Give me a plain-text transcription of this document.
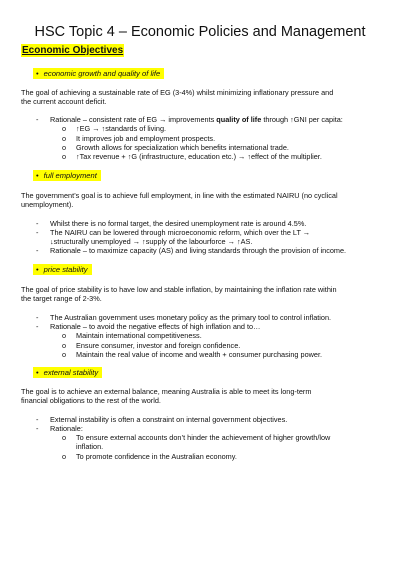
HSC Topic 4 – Economic Policies and Management
Economic Objectives
• economic growth and quality of life
The goal of achieving a sustainable rate of EG (3-4%) whilst minimizing inflationary pressure and
the current account deficit.
- Rationale – consistent rate of EG → improvements quality of life through ↑GNI per capita:
o ↑EG → ↑standards of living.
o It improves job and employment prospects.
o Growth allows for specialization which benefits international trade.
o ↑Tax revenue + ↑G (infrastructure, education etc.) → ↑effect of the multiplier.
• full employment
The government’s goal is to achieve full employment, in line with the estimated NAIRU (no cyclical
unemployment).
- Whilst there is no formal target, the desired unemployment rate is around 4.5%.
- The NAIRU can be lowered through microeconomic reform, which over the LT →
↓structurally unemployed → ↑supply of the labourforce → ↑AS.
- Rationale – to maximize capacity (AS) and living standards through the provision of income.
• price stability
The goal of price stability is to have low and stable inflation, by maintaining the inflation rate within
the target range of 2-3%.
- The Australian government uses monetary policy as the primary tool to control inflation.
- Rationale – to avoid the negative effects of high inflation and to…
o Maintain international competitiveness.
o Ensure consumer, investor and foreign confidence.
o Maintain the real value of income and wealth + consumer purchasing power.
• external stability
The goal is to achieve an external balance, meaning Australia is able to meet its long-term
financial obligations to the rest of the world.
- External instability is often a constraint on internal government objectives.
- Rationale:
o To ensure external accounts don’t hinder the achievement of higher growth/low
inflation.
o To promote confidence in the Australian economy.
